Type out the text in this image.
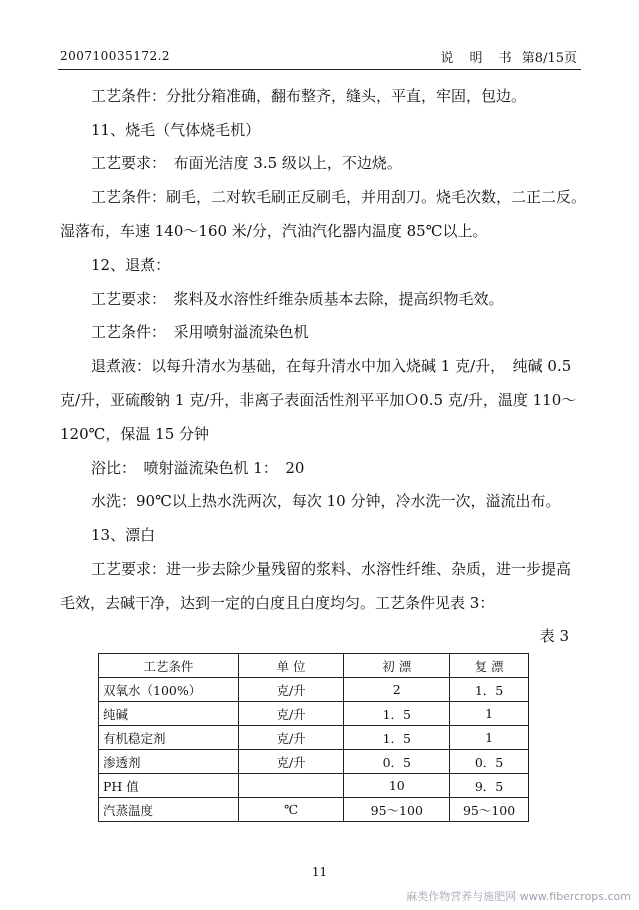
200710035172.2	说 明 书 第8/15页
工艺条件：分批分箱准确，翻布整齐，缝头，平直，牢固，包边。
11、烧毛（气体烧毛机）
工艺要求：　布面光洁度 3.5 级以上，不边烧。
工艺条件：刷毛，二对软毛刷正反刷毛，并用刮刀。烧毛次数，二正二反。
湿落布，车速 140～160 米/分，汽油汽化器内温度 85℃以上。
12、退煮：
工艺要求：　浆料及水溶性纤维杂质基本去除，提高织物毛效。
工艺条件：　采用喷射溢流染色机
退煮液：以每升清水为基础，在每升清水中加入烧碱 1 克/升，　纯碱 0.5
克/升，亚硫酸钠 1 克/升，非离子表面活性剂平平加Ｏ0.5 克/升，温度 110～
120℃，保温 15 分钟
浴比：　喷射溢流染色机 1：　20
水洗：90℃以上热水洗两次，每次 10 分钟，冷水洗一次，溢流出布。
13、漂白
工艺要求：进一步去除少量残留的浆料、水溶性纤维、杂质，进一步提高
毛效，去碱干净，达到一定的白度且白度均匀。工艺条件见表 3：
表 3
工艺条件	单 位	初 漂	复 漂
双氧水（100%）	克/升	2	1．5
纯碱	克/升	1．5	1
有机稳定剂	克/升	1．5	1
渗透剂	克/升	0．5	0．5
PH 值		10	9．5
汽蒸温度	℃	95～100	95～100
11
麻类作物营养与施肥网 www.fibercrops.com
